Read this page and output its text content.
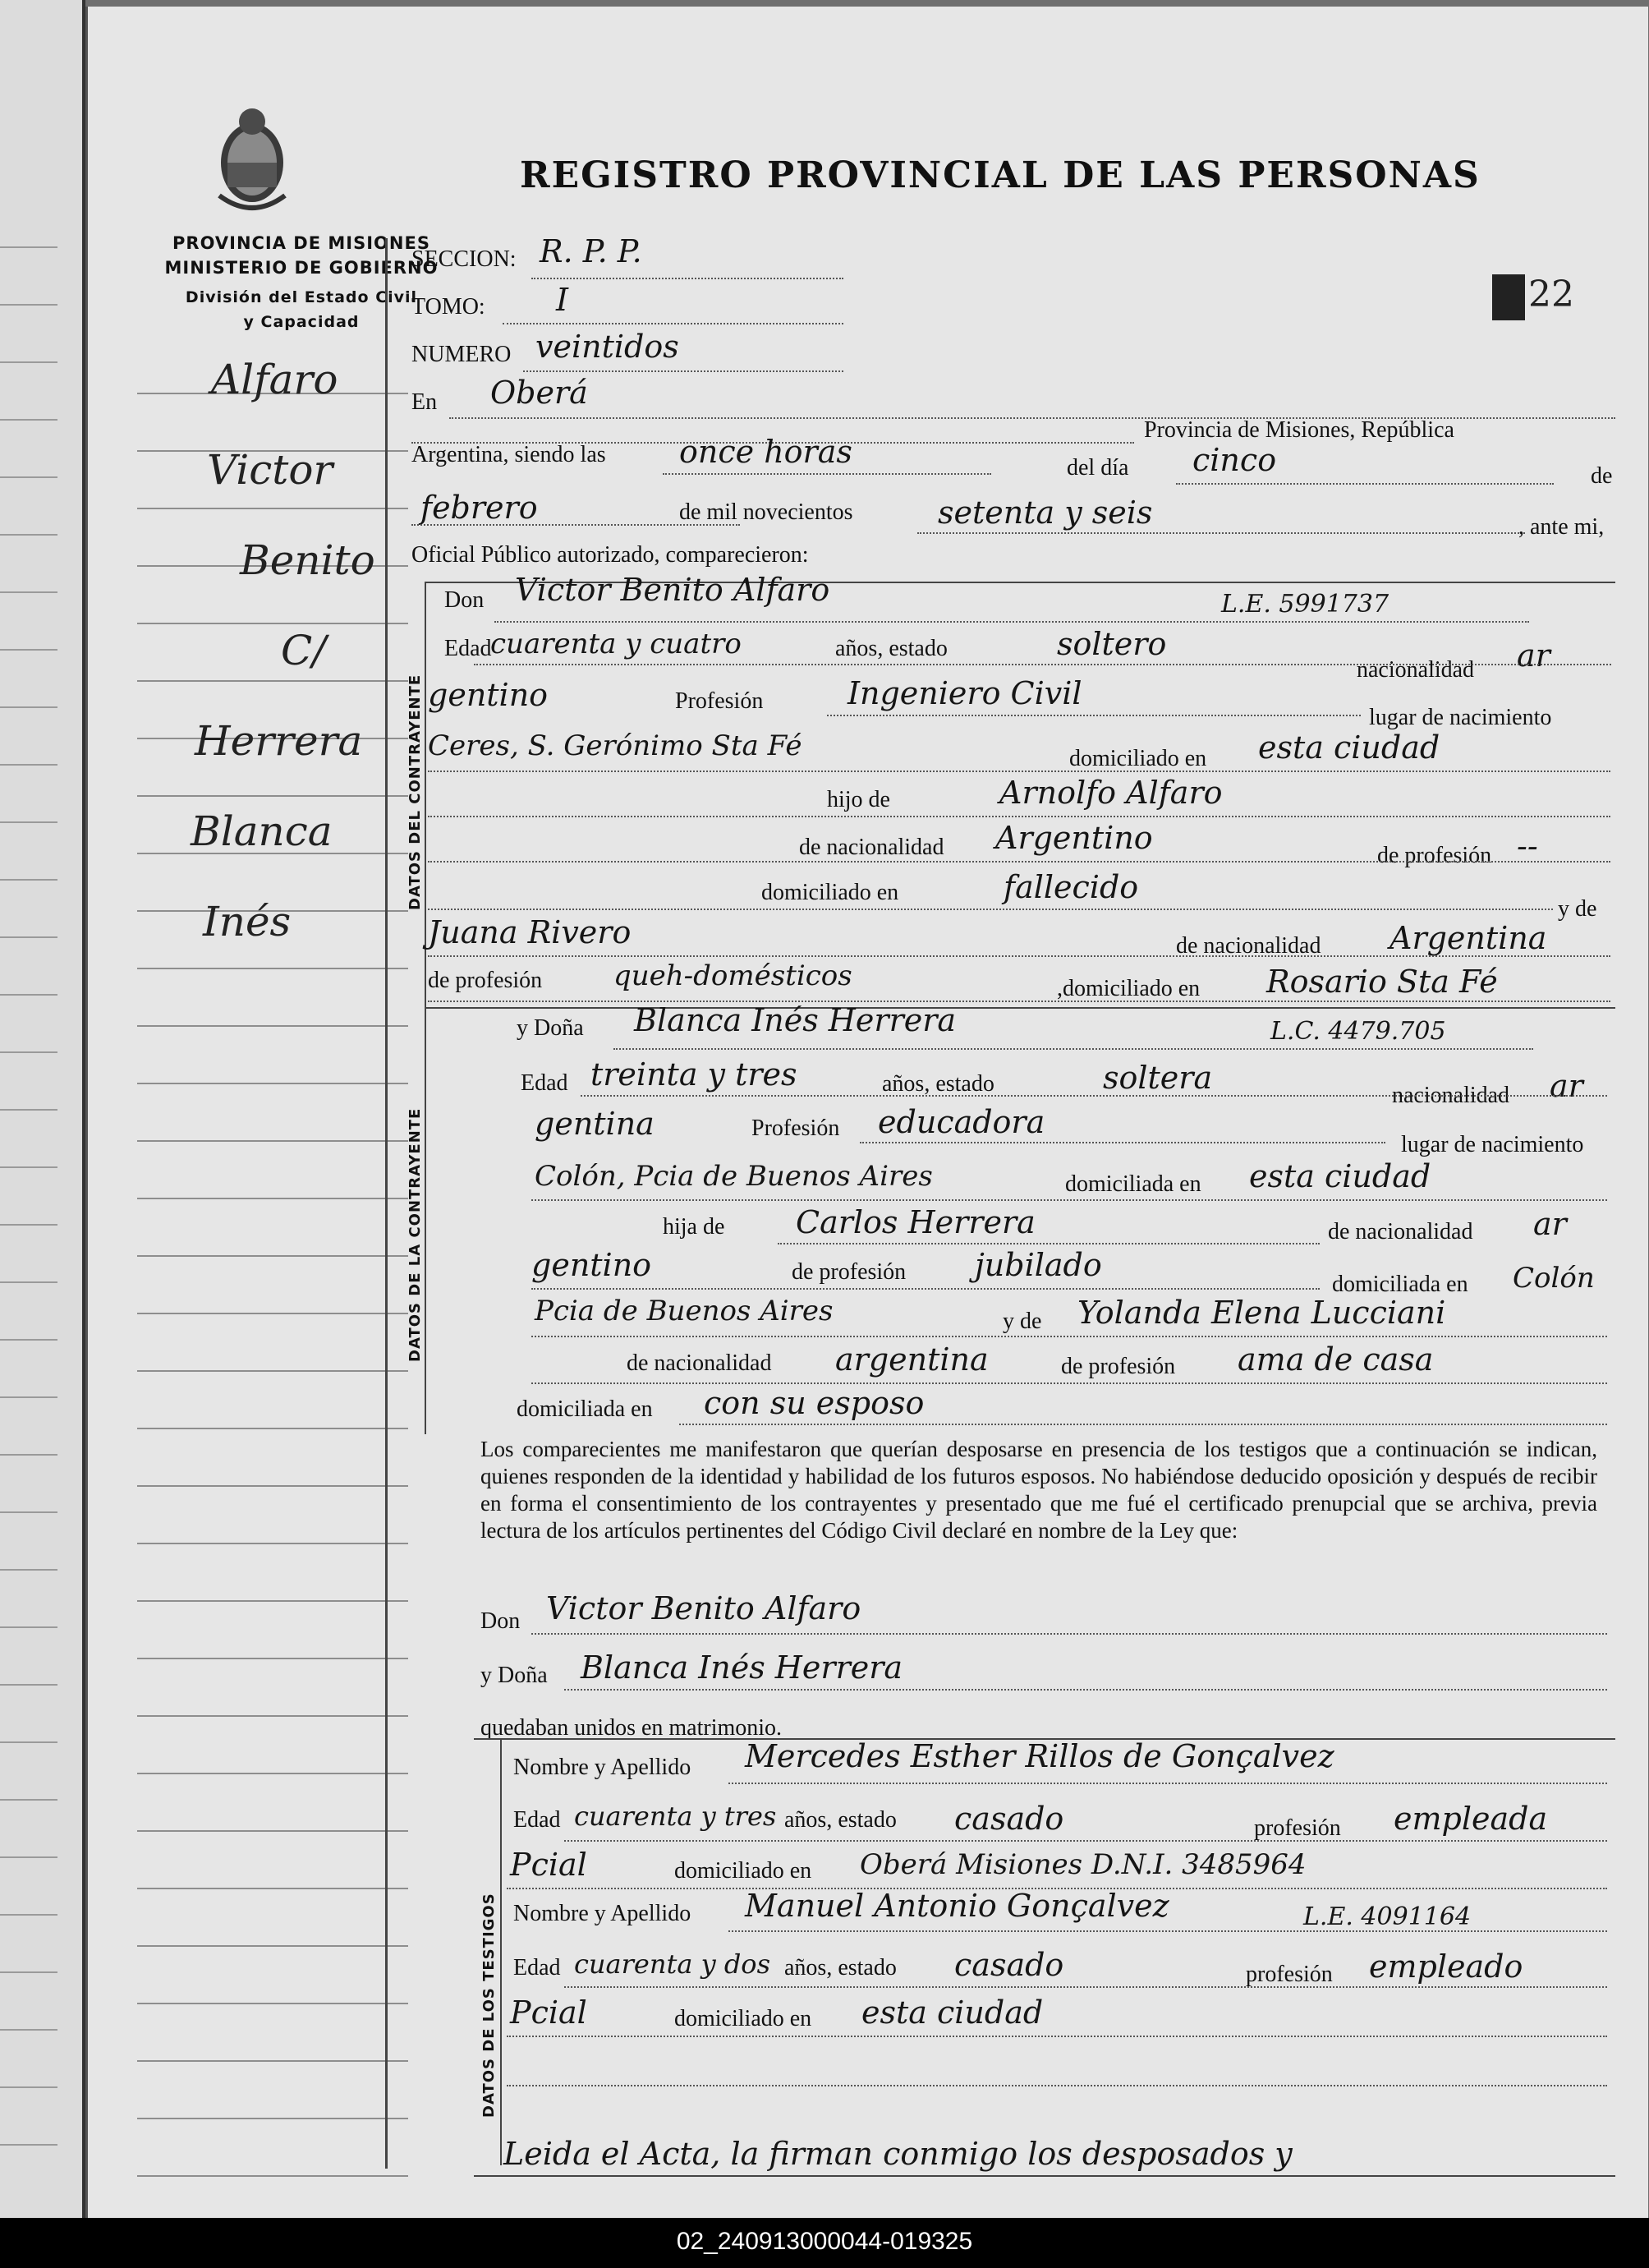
PROVINCIA DE MISIONES
MINISTERIO DE GOBIERNO
División del Estado Civil
y Capacidad
REGISTRO PROVINCIAL DE LAS PERSONAS
22
Alfaro
Victor
Benito
C/
Herrera
Blanca
Inés
SECCION: R. P. P.
TOMO: I
NUMERO veintidos
En Oberá
Provincia de Misiones, República
Argentina, siendo las once horas	del día cinco	de
febrero	de mil novecientos	setenta y seis	, ante mi,
Oficial Público autorizado, comparecieron:
DATOS DEL CONTRAYENTE
Don Victor Benito Alfaro	L.E. 5991737
Edad
cuarenta y cuatro	años, estado	soltero
nacionalidad ar
gentino	Profesión	Ingeniero Civil
lugar de nacimiento
Ceres, S. Gerónimo Sta Fé	domiciliado en esta ciudad
hijo de	Arnolfo Alfaro
de nacionalidad Argentino	de profesión --
domiciliado en	fallecido
y de
Juana Rivero	de nacionalidad Argentina
de profesión	queh-domésticos	,domiciliado en Rosario Sta Fé
DATOS DE LA CONTRAYENTE
y Doña Blanca Inés Herrera	L.C. 4479.705
Edad treinta y tres	años, estado	soltera	nacionalidad ar
gentina	Profesión educadora
lugar de nacimiento
Colón, Pcia de Buenos Aires	domiciliada en esta ciudad
hija de Carlos Herrera	de nacionalidad ar
gentino	de profesión jubilado
domiciliada en Colón
Pcia de Buenos Aires	y de Yolanda Elena Lucciani
de nacionalidad argentina	de profesión ama de casa
domiciliada en con su esposo
Los comparecientes me manifestaron que querían desposarse en presencia de los testigos que a continuación se indican, quienes responden de la identidad y habilidad de los futuros esposos. No habiéndose deducido oposición y después de recibir en forma el consentimiento de los contrayentes y presentado que me fué el certificado prenupcial que se archiva, previa lectura de los artículos pertinentes del Código Civil declaré en nombre de la Ley que:
Don Victor Benito Alfaro
y Doña Blanca Inés Herrera
quedaban unidos en matrimonio.
DATOS DE LOS TESTIGOS
Nombre y Apellido Mercedes Esther Rillos de Gonçalvez
Edad cuarenta y tres años, estado casado	profesión empleada
Pcial	domiciliado en Oberá Misiones D.N.I. 3485964
Nombre y Apellido Manuel Antonio Gonçalvez	L.E. 4091164
Edad cuarenta y dos años, estado casado	profesión empleado
Pcial	domiciliado en esta ciudad
Leida el Acta, la firman conmigo los desposados y
02_240913000044-019325
